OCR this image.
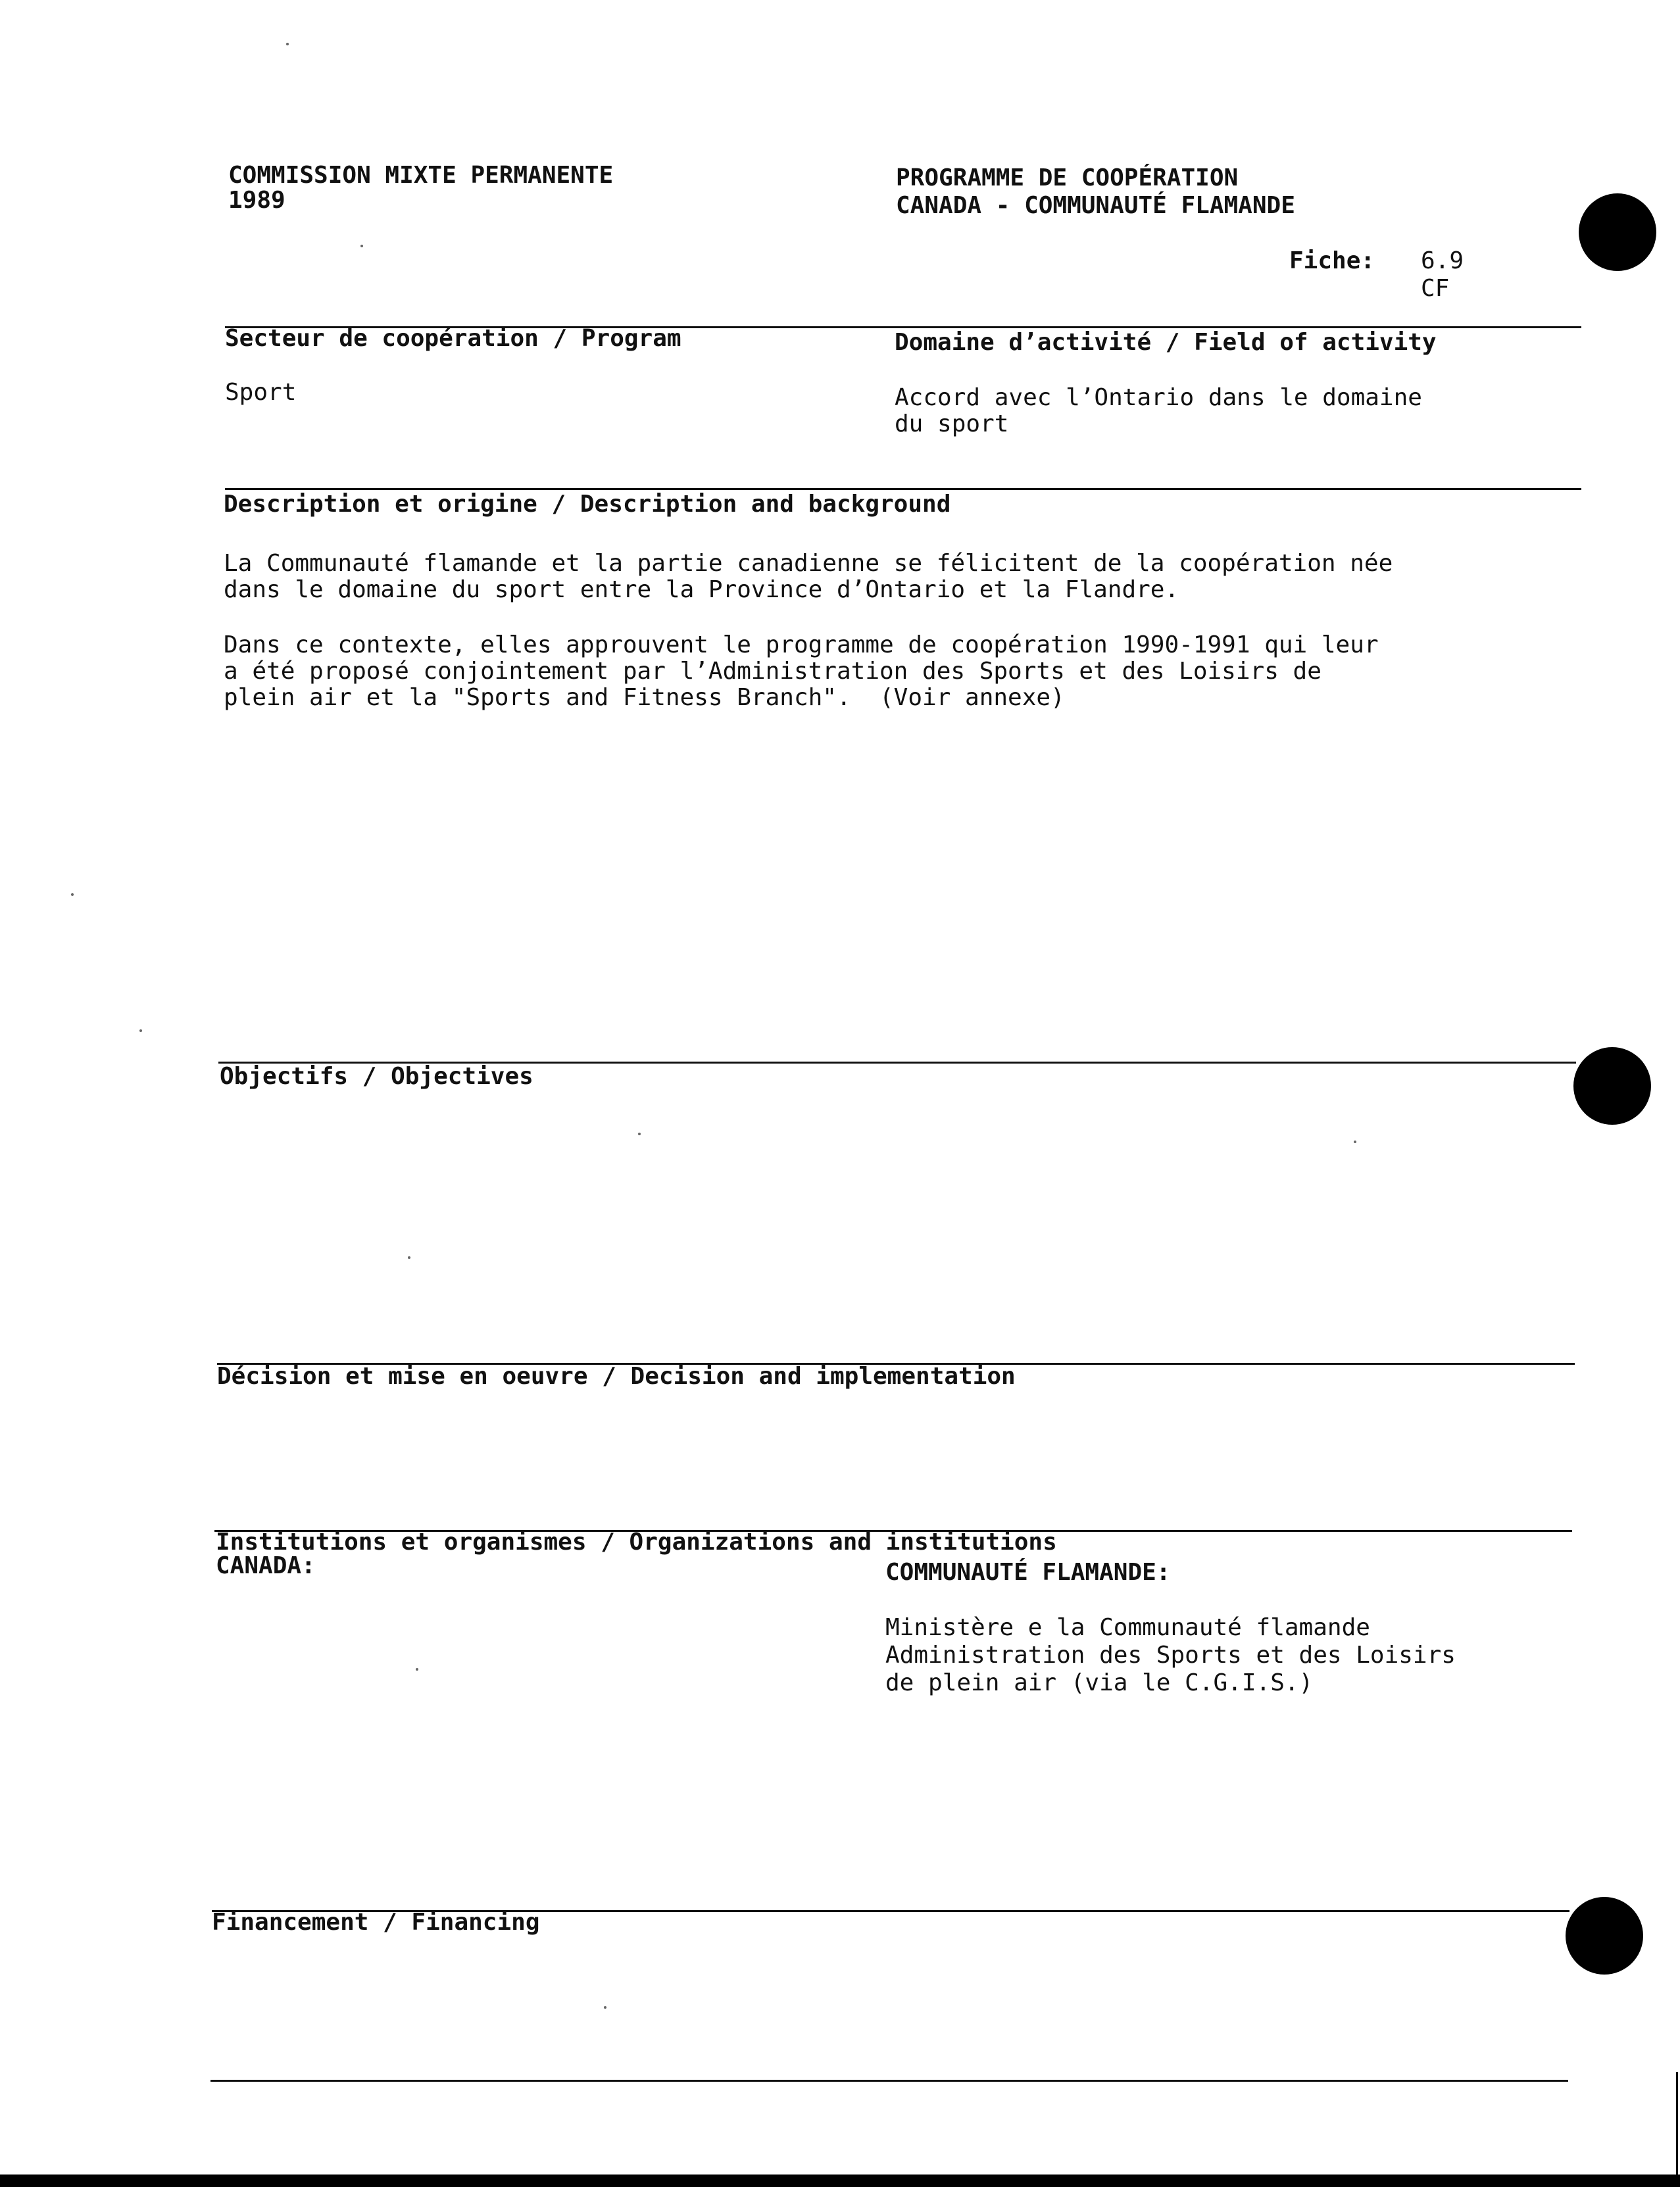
COMMISSION MIXTE PERMANENTE
1989
PROGRAMME DE COOPÉRATION
CANADA - COMMUNAUTÉ FLAMANDE
Fiche: 6.9
CF
Secteur de coopération / Program
Sport
Domaine d’activité / Field of activity
Accord avec l’Ontario dans le domaine
du sport
Description et origine / Description and background
La Communauté flamande et la partie canadienne se félicitent de la coopération née
dans le domaine du sport entre la Province d’Ontario et la Flandre.
Dans ce contexte, elles approuvent le programme de coopération 1990-1991 qui leur
a été proposé conjointement par l’Administration des Sports et des Loisirs de
plein air et la "Sports and Fitness Branch".  (Voir annexe)
Objectifs / Objectives
Décision et mise en oeuvre / Decision and implementation
Institutions et organismes / Organizations and institutions
CANADA:	COMMUNAUTÉ FLAMANDE:
Ministère e la Communauté flamande
Administration des Sports et des Loisirs
de plein air (via le C.G.I.S.)
Financement / Financing
